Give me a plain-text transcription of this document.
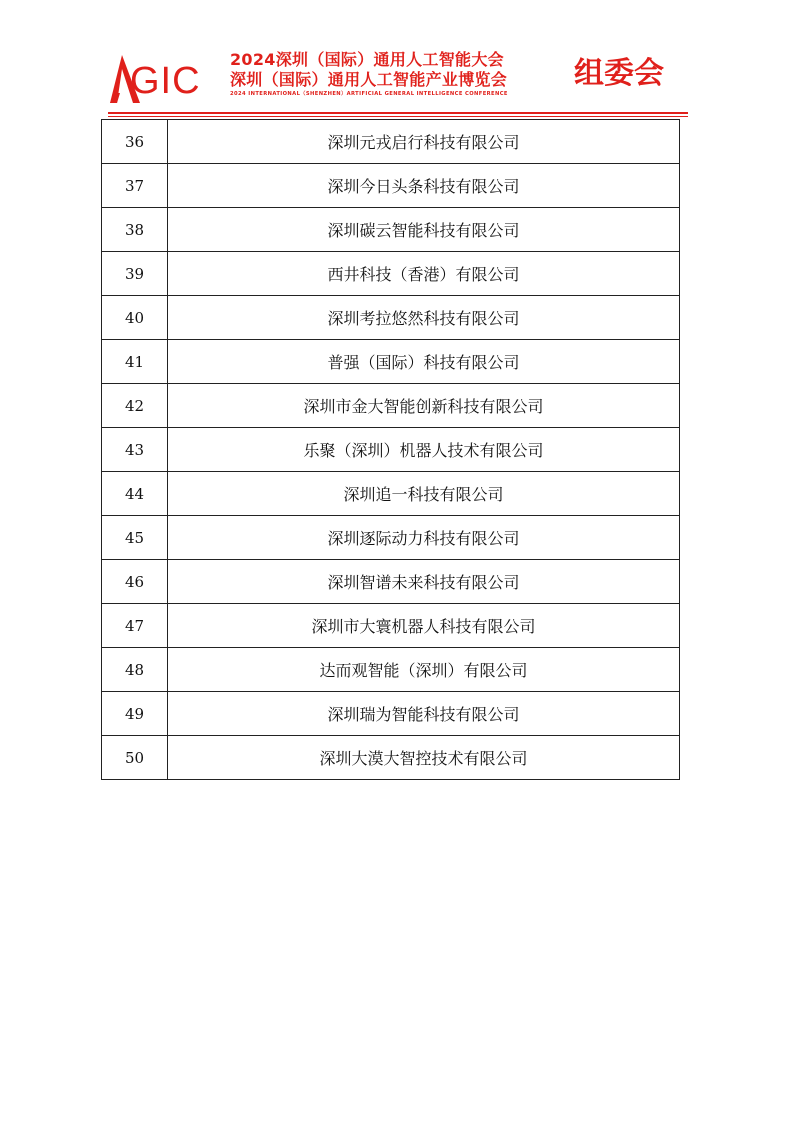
GIC
2024深圳（国际）通用人工智能大会
深圳（国际）通用人工智能产业博览会
2024 INTERNATIONAL（SHENZHEN）ARTIFICIAL GENERAL INTELLIGENCE CONFERENCE
组委会
36	深圳元戎启行科技有限公司
37	深圳今日头条科技有限公司
38	深圳碳云智能科技有限公司
39	西井科技（香港）有限公司
40	深圳考拉悠然科技有限公司
41	普强（国际）科技有限公司
42	深圳市金大智能创新科技有限公司
43	乐聚（深圳）机器人技术有限公司
44	深圳追一科技有限公司
45	深圳逐际动力科技有限公司
46	深圳智谱未来科技有限公司
47	深圳市大寰机器人科技有限公司
48	达而观智能（深圳）有限公司
49	深圳瑞为智能科技有限公司
50	深圳大漠大智控技术有限公司
